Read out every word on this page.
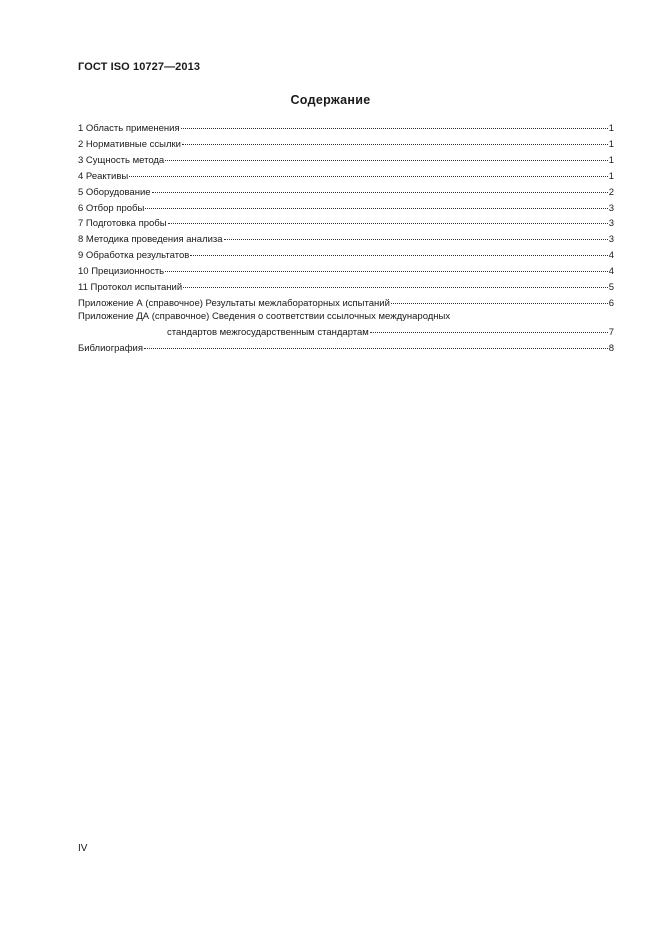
ГОСТ ISO 10727—2013
Содержание
1 Область применения	1
2 Нормативные ссылки	1
3 Сущность метода	1
4 Реактивы	1
5 Оборудование	2
6 Отбор пробы	3
7 Подготовка пробы	3
8 Методика проведения анализа	3
9 Обработка результатов	4
10 Прецизионность	4
11 Протокол испытаний	5
Приложение А (справочное) Результаты межлабораторных испытаний	6
Приложение ДА (справочное) Сведения о соответствии ссылочных международных
стандартов межгосударственным стандартам	7
Библиография	8
IV
